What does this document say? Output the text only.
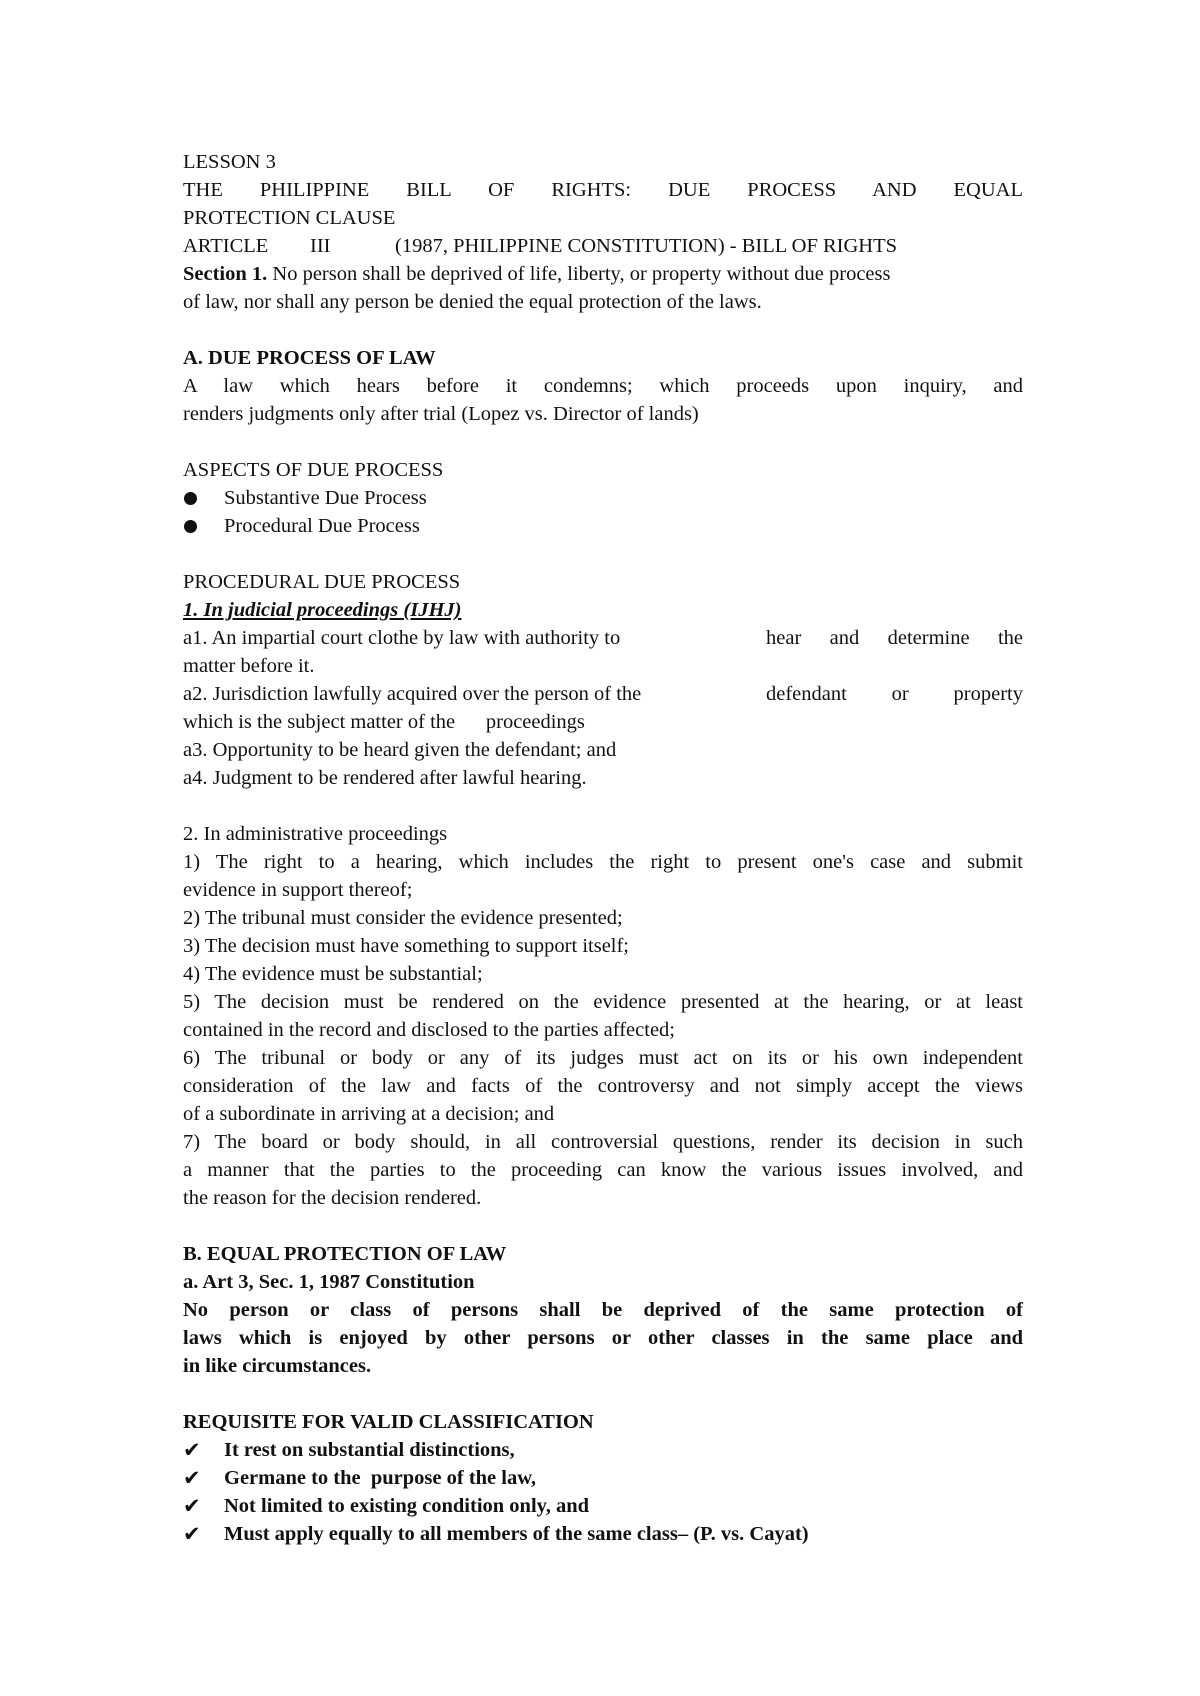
LESSON 3
THE PHILIPPINE BILL OF RIGHTS: DUE PROCESS AND EQUAL
PROTECTION CLAUSE
ARTICLE	III	(1987, PHILIPPINE CONSTITUTION) - BILL OF RIGHTS
Section 1. No person shall be deprived of life, liberty, or property without due process
of law, nor shall any person be denied the equal protection of the laws.
A. DUE PROCESS OF LAW
A law which hears before it condemns; which proceeds upon inquiry, and
renders judgments only after trial (Lopez vs. Director of lands)
ASPECTS OF DUE PROCESS
Substantive Due Process
Procedural Due Process
PROCEDURAL DUE PROCESS
1. In judicial proceedings (IJHJ)
a1. An impartial court clothe by law with authority to	hear and determine the
matter before it.
a2. Jurisdiction lawfully acquired over the person of the	defendant or property
which is the subject matter of the      proceedings
a3. Opportunity to be heard given the defendant; and
a4. Judgment to be rendered after lawful hearing.
2. In administrative proceedings
1) The right to a hearing, which includes the right to present one's case and submit
evidence in support thereof;
2) The tribunal must consider the evidence presented;
3) The decision must have something to support itself;
4) The evidence must be substantial;
5) The decision must be rendered on the evidence presented at the hearing, or at least
contained in the record and disclosed to the parties affected;
6) The tribunal or body or any of its judges must act on its or his own independent
consideration of the law and facts of the controversy and not simply accept the views
of a subordinate in arriving at a decision; and
7) The board or body should, in all controversial questions, render its decision in such
a manner that the parties to the proceeding can know the various issues involved, and
the reason for the decision rendered.
B. EQUAL PROTECTION OF LAW
a. Art 3, Sec. 1, 1987 Constitution
No person or class of persons shall be deprived of the same protection of
laws which is enjoyed by other persons or other classes in the same place and
in like circumstances.
REQUISITE FOR VALID CLASSIFICATION
✔ It rest on substantial distinctions,
✔ Germane to the  purpose of the law,
✔ Not limited to existing condition only, and
✔ Must apply equally to all members of the same class– (P. vs. Cayat)
